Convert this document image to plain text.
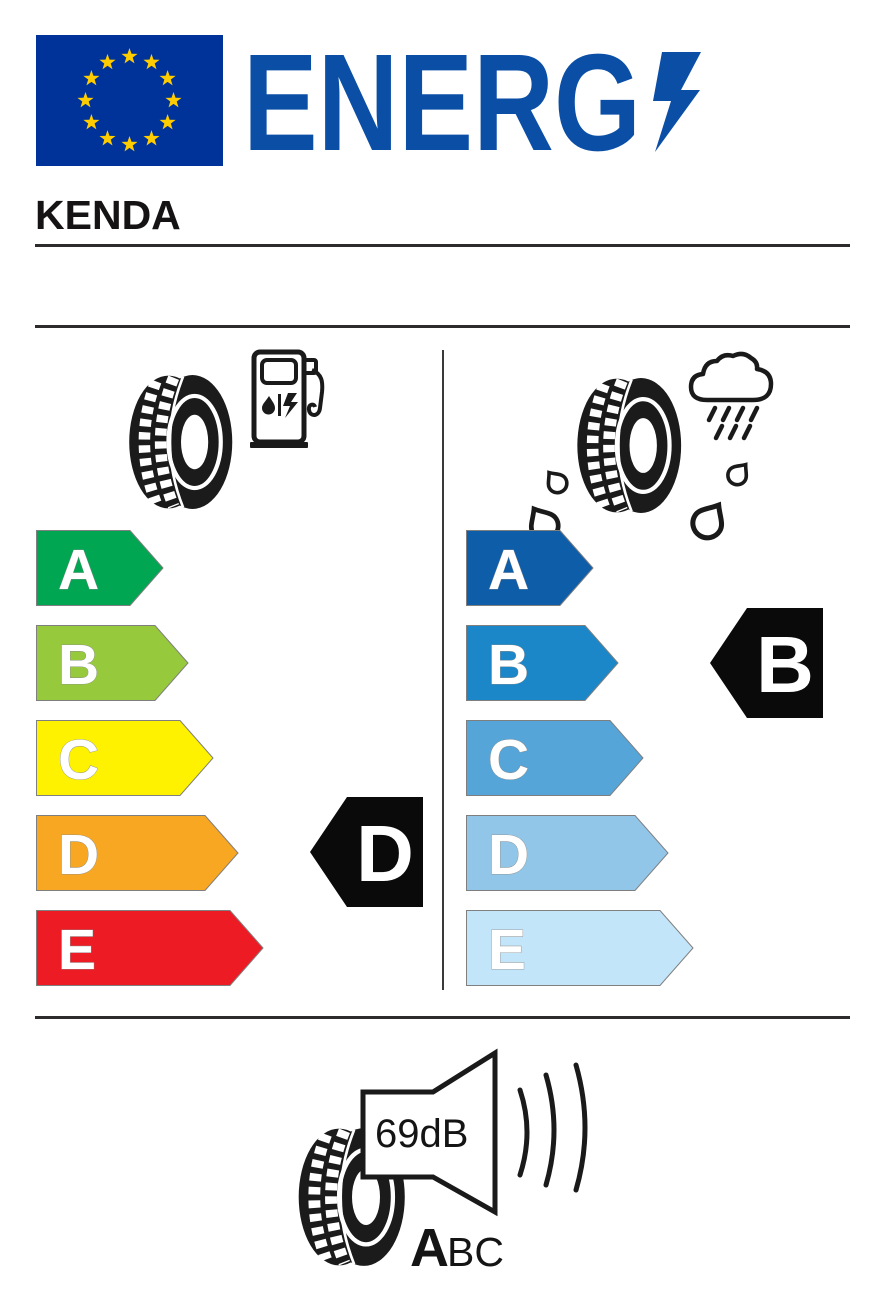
ENERG
KENDA
A
B
C
D
E
A
B
C
D
E
D
B
69dB
A
BC
